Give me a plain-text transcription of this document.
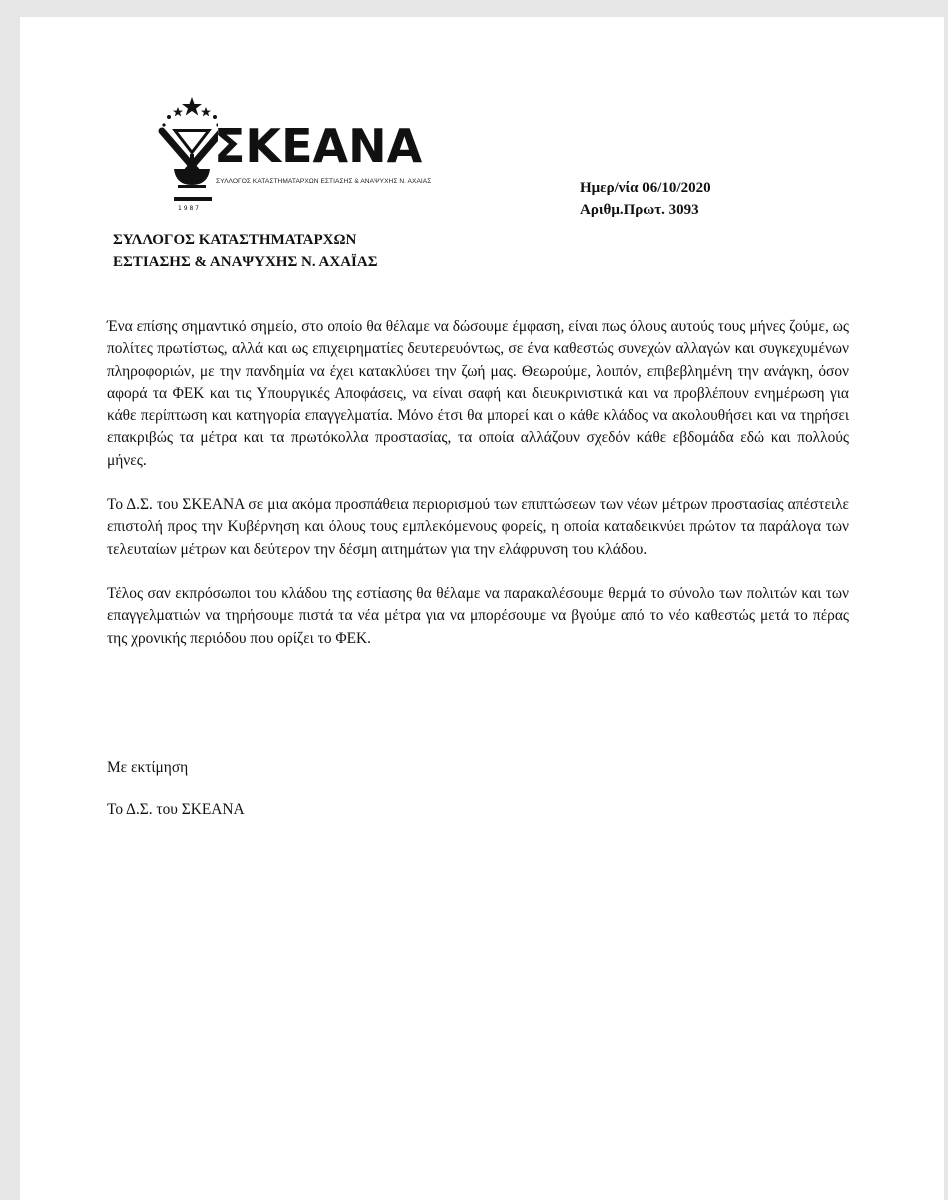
1 9 8 7
ΣΚΕΑΝΑ
ΣΥΛΛΟΓΟΣ ΚΑΤΑΣΤΗΜΑΤΑΡΧΩΝ ΕΣΤΙΑΣΗΣ & ΑΝΑΨΥΧΗΣ Ν. ΑΧΑΙΑΣ	Ημερ/νία 06/10/2020
Αριθμ.Πρωτ. 3093
ΣΥΛΛΟΓΟΣ ΚΑΤΑΣΤΗΜΑΤΑΡΧΩΝ
ΕΣΤΙΑΣΗΣ & ΑΝΑΨΥΧΗΣ Ν. ΑΧΑΪΑΣ

Ένα επίσης σημαντικό σημείο, στο οποίο θα θέλαμε να δώσουμε έμφαση, είναι πως όλους αυτούς τους μήνες ζούμε, ως πολίτες πρωτίστως, αλλά και ως επιχειρηματίες δευτερευόντως, σε ένα καθεστώς συνεχών αλλαγών και συγκεχυμένων πληροφοριών, με την πανδημία να έχει κατακλύσει την ζωή μας. Θεωρούμε, λοιπόν, επιβεβλημένη την ανάγκη, όσον αφορά τα ΦΕΚ και τις Υπουργικές Αποφάσεις, να είναι σαφή και διευκρινιστικά και να προβλέπουν ενημέρωση για κάθε περίπτωση και κατηγορία επαγγελματία. Μόνο έτσι θα μπορεί και ο κάθε κλάδος να ακολουθήσει και να τηρήσει επακριβώς τα μέτρα και τα πρωτόκολλα προστασίας, τα οποία αλλάζουν σχεδόν κάθε εβδομάδα εδώ και πολλούς μήνες.

Το Δ.Σ. του ΣΚΕΑΝΑ σε μια ακόμα προσπάθεια περιορισμού των επιπτώσεων των νέων μέτρων προστασίας απέστειλε επιστολή προς την Κυβέρνηση και όλους τους εμπλεκόμενους φορείς, η οποία καταδεικνύει πρώτον τα παράλογα των τελευταίων μέτρων και δεύτερον την δέσμη αιτημάτων για την ελάφρυνση του κλάδου.

Τέλος σαν εκπρόσωποι του κλάδου της εστίασης θα θέλαμε να παρακαλέσουμε θερμά το σύνολο των πολιτών και των επαγγελματιών να τηρήσουμε πιστά τα νέα μέτρα για να μπορέσουμε να βγούμε από το νέο καθεστώς μετά το πέρας της χρονικής περιόδου που ορίζει το ΦΕΚ.

Με εκτίμηση
Το Δ.Σ. του ΣΚΕΑΝΑ
